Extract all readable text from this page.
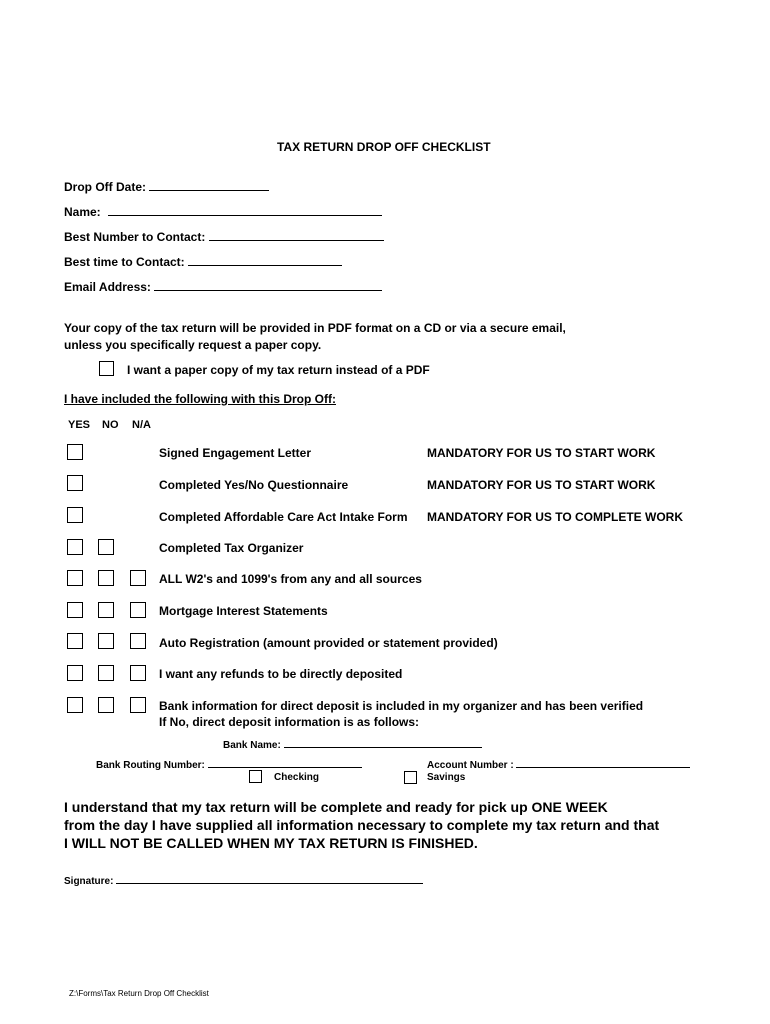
TAX RETURN DROP OFF CHECKLIST
Drop Off Date:
Name:
Best Number to Contact:
Best time to Contact:
Email Address:
Your copy of the tax return will be provided in PDF format on a CD or via a secure email,
unless you specifically request a paper copy.
I want a paper copy of my tax return instead of a PDF
I have included the following with this Drop Off:
YES NO N/A
Signed Engagement Letter	MANDATORY FOR US TO START WORK
Completed Yes/No Questionnaire	MANDATORY FOR US TO START WORK
Completed Affordable Care Act Intake Form MANDATORY FOR US TO COMPLETE WORK
Completed Tax Organizer
ALL W2's and 1099's from any and all sources
Mortgage Interest Statements
Auto Registration (amount provided or statement provided)
I want any refunds to be directly deposited
Bank information for direct deposit is included in my organizer and has been verified
If No, direct deposit information is as follows:
Bank Name:
Bank Routing Number:	Account Number :
Checking	Savings
I understand that my tax return will be complete and ready for pick up ONE WEEK
from the day I have supplied all information necessary to complete my tax return and that
I WILL NOT BE CALLED WHEN MY TAX RETURN IS FINISHED.
Signature:
Z:\Forms\Tax Return Drop Off Checklist
